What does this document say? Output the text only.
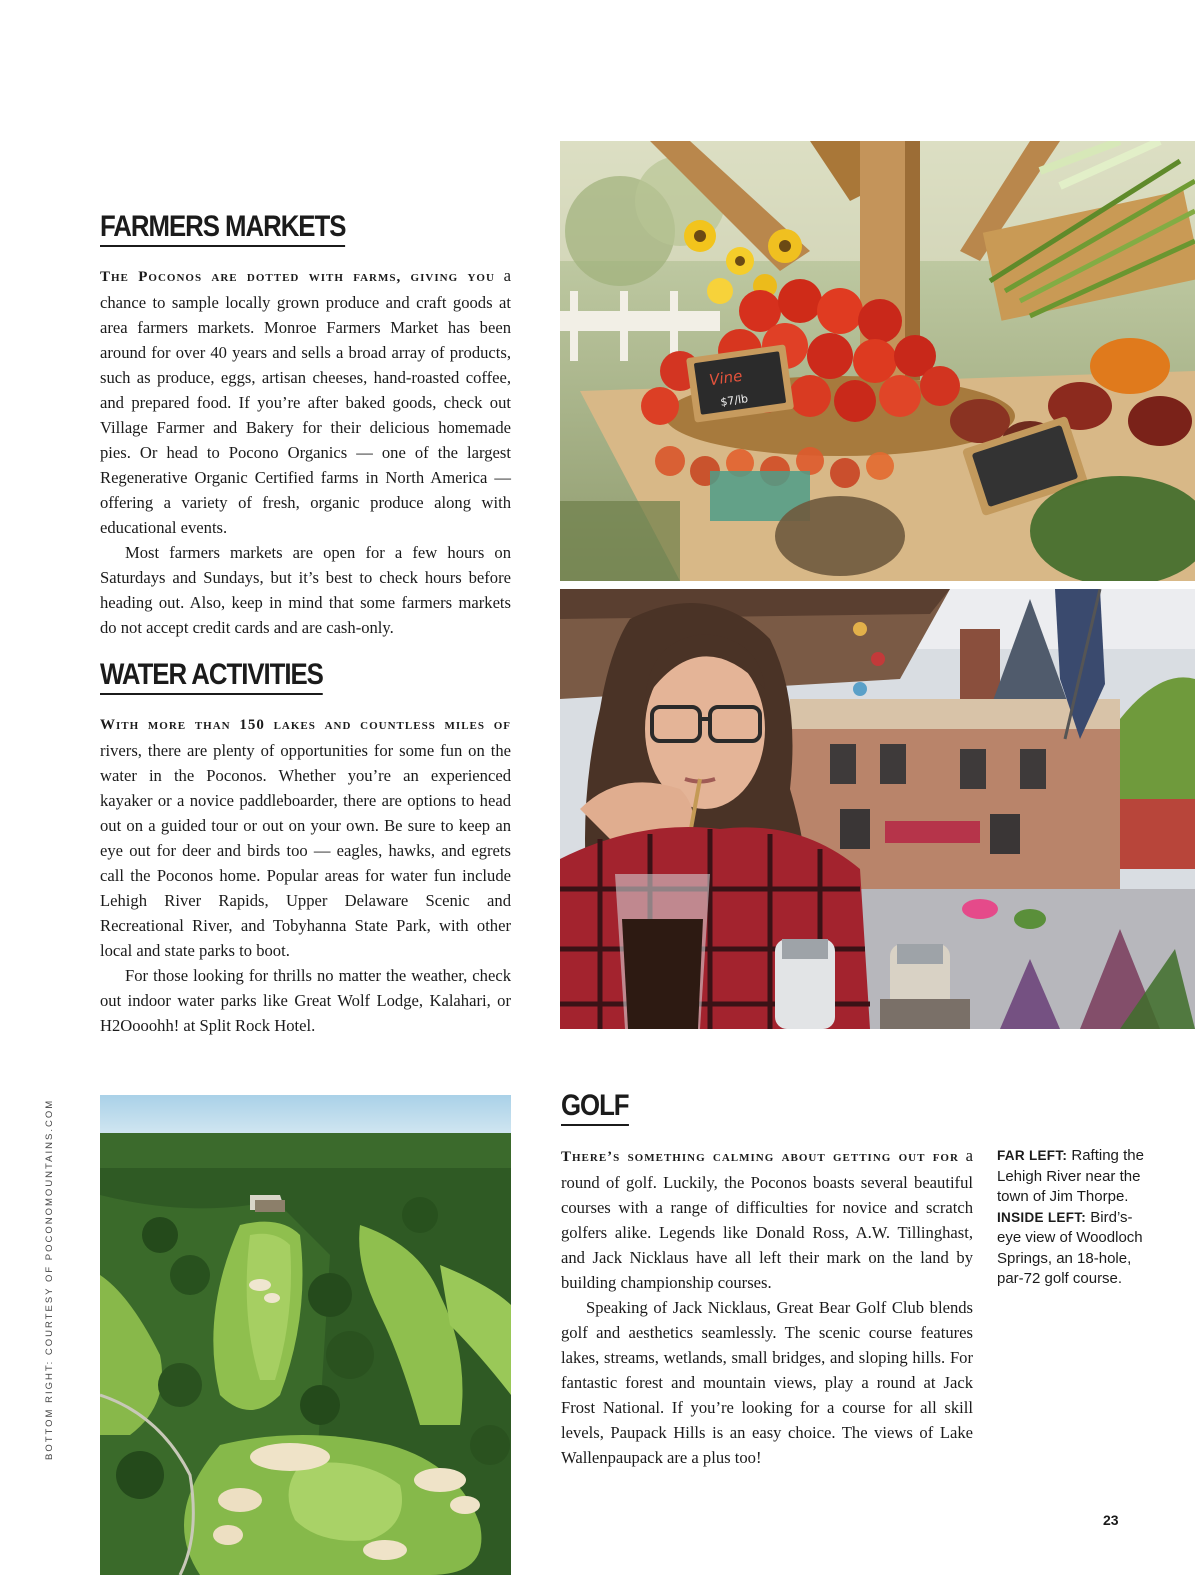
FARMERS MARKETS

The Poconos are dotted with farms, giving you a chance to sample locally grown produce and craft goods at area farmers markets. Monroe Farmers Market has been around for over 40 years and sells a broad array of products, such as produce, eggs, artisan cheeses, hand-roasted coffee, and prepared food. If you’re after baked goods, check out Village Farmer and Bakery for their delicious homemade pies. Or head to Pocono Organics — one of the largest Regenerative Organic Certified farms in North America — offering a variety of fresh, organic produce along with educational events.

Most farmers markets are open for a few hours on Saturdays and Sundays, but it’s best to check hours before heading out. Also, keep in mind that some farmers markets do not accept credit cards and are cash-only.

WATER ACTIVITIES

With more than 150 lakes and countless miles of rivers, there are plenty of opportunities for some fun on the water in the Poconos. Whether you’re an experienced kayaker or a novice paddleboarder, there are options to head out on a guided tour or out on your own. Be sure to keep an eye out for deer and birds too — eagles, hawks, and egrets call the Poconos home. Popular areas for water fun include Lehigh River Rapids, Upper Delaware Scenic and Recreational River, and Tobyhanna State Park, with other local and state parks to boot.

For those looking for thrills no matter the weather, check out indoor water parks like Great Wolf Lodge, Kalahari, or H2Oooohh! at Split Rock Hotel.

GOLF

There’s something calming about getting out for a round of golf. Luckily, the Poconos boasts several beautiful courses with a range of difficulties for novice and scratch golfers alike. Legends like Donald Ross, A.W. Tillinghast, and Jack Nicklaus have all left their mark on the land by building championship courses.

Speaking of Jack Nicklaus, Great Bear Golf Club blends golf and aesthetics seamlessly. The scenic course features lakes, streams, wetlands, small bridges, and sloping hills. For fantastic forest and mountain views, play a round at Jack Frost National. If you’re looking for a course for all skill levels, Paupack Hills is an easy choice. The views of Lake Wallenpaupack are a plus too!

FAR LEFT: Rafting the Lehigh River near the town of Jim Thorpe. INSIDE LEFT: Bird’s-eye view of Woodloch Springs, an 18-hole, par-72 golf course.
Vine
$7/lb
BOTTOM RIGHT: COURTESY OF POCONOMOUNTAINS.COM
23
